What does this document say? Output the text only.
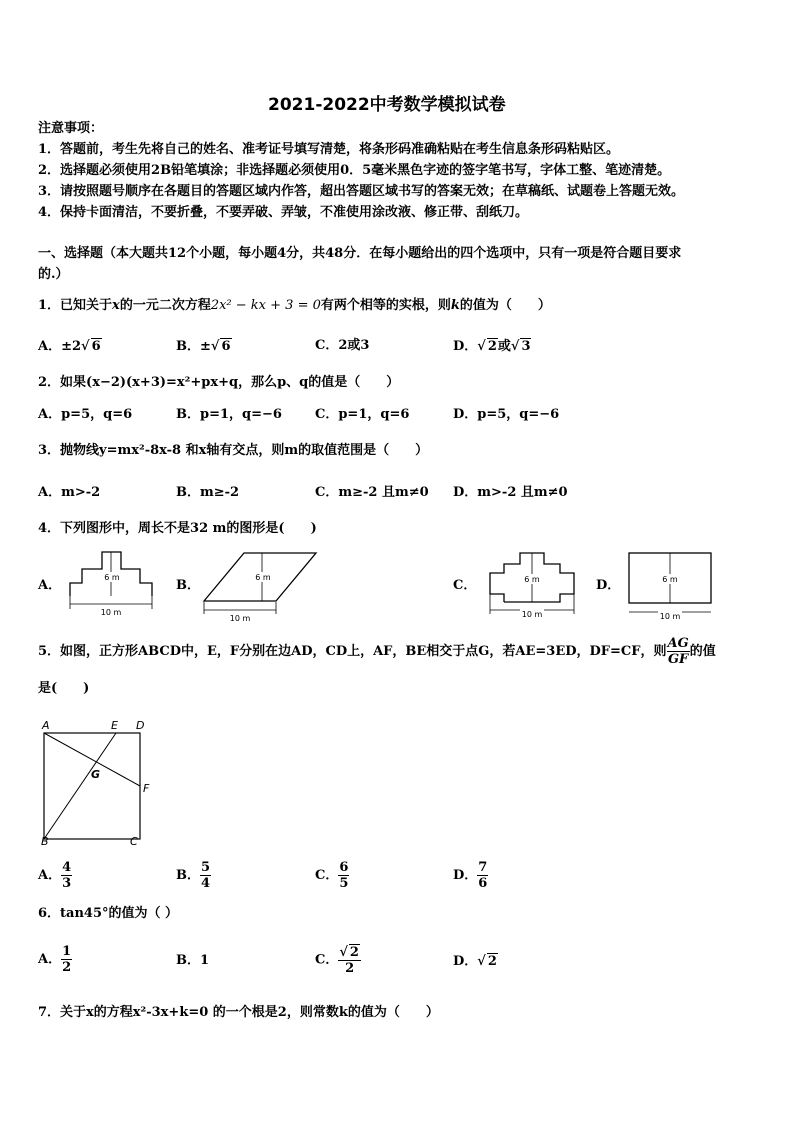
2021-2022中考数学模拟试卷
注意事项：
1．答题前，考生先将自己的姓名、准考证号填写清楚，将条形码准确粘贴在考生信息条形码粘贴区。
2．选择题必须使用2B铅笔填涂；非选择题必须使用0．5毫米黑色字迹的签字笔书写，字体工整、笔迹清楚。
3．请按照题号顺序在各题目的答题区域内作答，超出答题区域书写的答案无效；在草稿纸、试题卷上答题无效。
4．保持卡面清洁，不要折叠，不要弄破、弄皱，不准使用涂改液、修正带、刮纸刀。
一、选择题（本大题共12个小题，每小题4分，共48分．在每小题给出的四个选项中，只有一项是符合题目要求
的.）
1．已知关于x的一元二次方程2x² − kx + 3 = 0有两个相等的实根，则k的值为（　　）
A．±2 √ 6	B．± √ 6	C．2或3	D． √ 2或 √ 3
2．如果(x−2)(x+3)=x²+px+q，那么p、q的值是（　　）
A．p=5，q=6	B．p=1，q=−6	C．p=1，q=6	D．p=5，q=−6
3．抛物线y=mx²-8x-8 和x轴有交点，则m的取值范围是（　　）
A．m>-2	B．m≥-2	C．m≥-2 且m≠0 D．m>-2 且m≠0
4．下列图形中，周长不是32 m的图形是(　　)
A．	B．	C．	D．
6 m
10 m
6 m
10 m
6 m
10 m
6 m
10 m
5．如图，正方形ABCD中，E，F分别在边AD，CD上，AF，BE相交于点G，若AE=3ED，DF=CF，则 $\frac{AG}{GF}$ 的值
是(　　)
A	E D
G
F
B	C
A． $\frac{4}{3}$	B． $\frac{5}{4}$	C． $\frac{6}{5}$	D． $\frac{7}{6}$
6．tan45°的值为（ ）
A． $\frac{1}{2}$	B．1	C． √ $\frac{2}{2}$	D． √ 2
7．关于x的方程x²-3x+k=0 的一个根是2，则常数k的值为（　　）
